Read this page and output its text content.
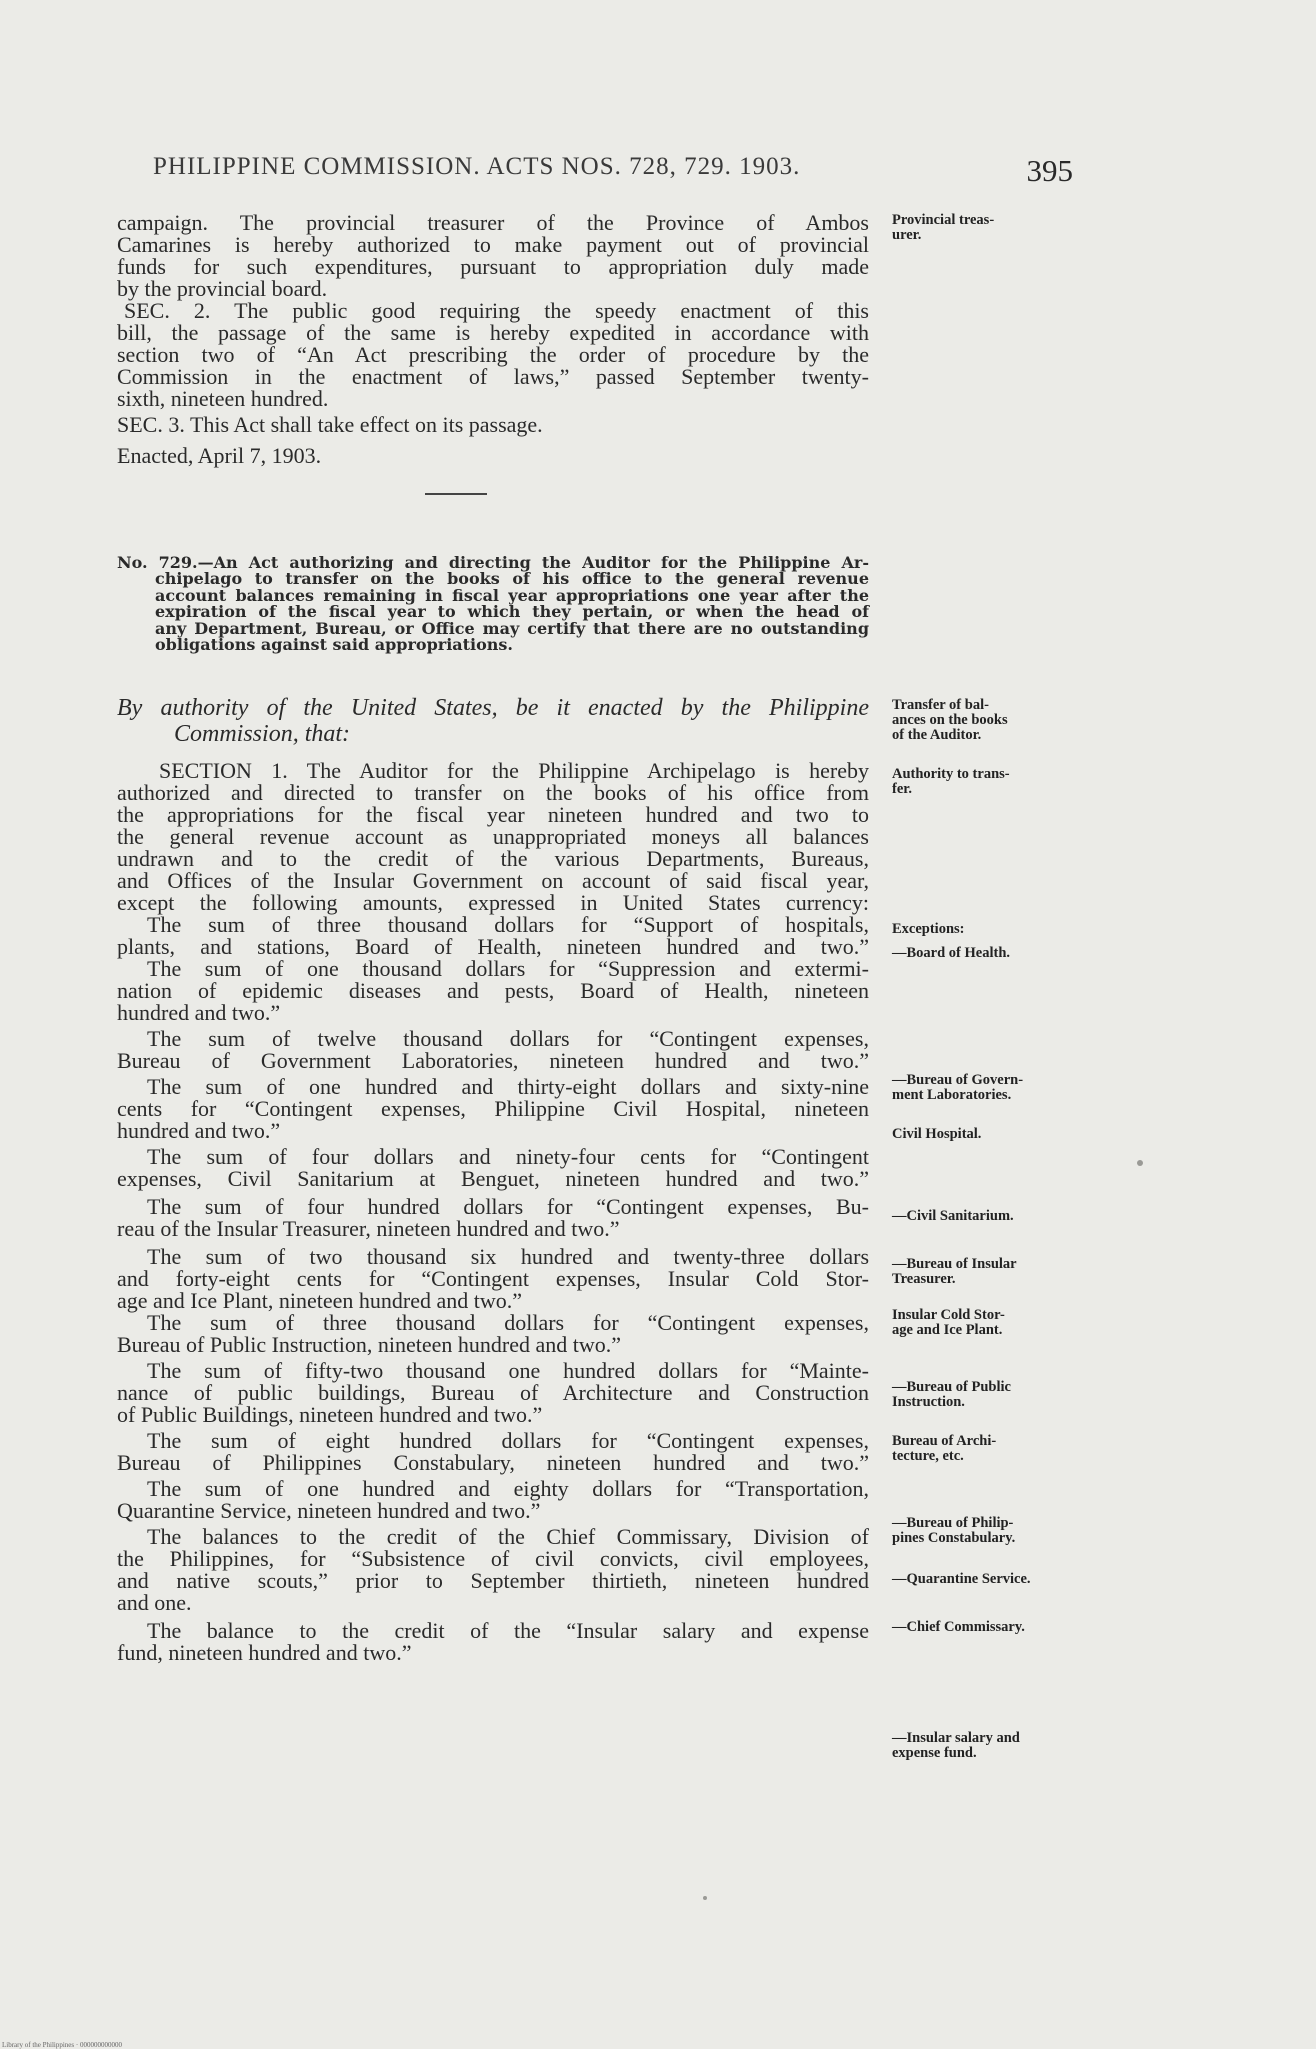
PHILIPPINE COMMISSION. ACTS NOS. 728, 729. 1903.	395

campaign. The provincial treasurer of the Province of Ambos

Camarines is hereby authorized to make payment out of provincial

funds for such expenditures, pursuant to appropriation duly made

by the provincial board.

SEC. 2. The public good requiring the speedy enactment of this

bill, the passage of the same is hereby expedited in accordance with

section two of “An Act prescribing the order of procedure by the

Commission in the enactment of laws,” passed September twenty-

sixth, nineteen hundred.

SEC. 3. This Act shall take effect on its passage.

Enacted, April 7, 1903.

Provincial treas-
urer.
No. 729.—An Act authorizing and directing the Auditor for the Philippine Ar-
chipelago to transfer on the books of his office to the general revenue
account balances remaining in fiscal year appropriations one year after the
expiration of the fiscal year to which they pertain, or when the head of
any Department, Bureau, or Office may certify that there are no outstanding
obligations against said appropriations.
By authority of the United States, be it enacted by the Philippine
Commission, that:
Transfer of bal-
ances on the books
of the Auditor.

SECTION 1. The Auditor for the Philippine Archipelago is hereby

authorized and directed to transfer on the books of his office from

the appropriations for the fiscal year nineteen hundred and two to

the general revenue account as unappropriated moneys all balances

undrawn and to the credit of the various Departments, Bureaus,

and Offices of the Insular Government on account of said fiscal year,

except the following amounts, expressed in United States currency:

The sum of three thousand dollars for “Support of hospitals,

plants, and stations, Board of Health, nineteen hundred and two.”

The sum of one thousand dollars for “Suppression and extermi-

nation of epidemic diseases and pests, Board of Health, nineteen

hundred and two.”

The sum of twelve thousand dollars for “Contingent expenses,

Bureau of Government Laboratories, nineteen hundred and two.”

The sum of one hundred and thirty-eight dollars and sixty-nine

cents for “Contingent expenses, Philippine Civil Hospital, nineteen

hundred and two.”

The sum of four dollars and ninety-four cents for “Contingent

expenses, Civil Sanitarium at Benguet, nineteen hundred and two.”

The sum of four hundred dollars for “Contingent expenses, Bu-

reau of the Insular Treasurer, nineteen hundred and two.”

The sum of two thousand six hundred and twenty-three dollars

and forty-eight cents for “Contingent expenses, Insular Cold Stor-

age and Ice Plant, nineteen hundred and two.”

The sum of three thousand dollars for “Contingent expenses,

Bureau of Public Instruction, nineteen hundred and two.”

The sum of fifty-two thousand one hundred dollars for “Mainte-

nance of public buildings, Bureau of Architecture and Construction

of Public Buildings, nineteen hundred and two.”

The sum of eight hundred dollars for “Contingent expenses,

Bureau of Philippines Constabulary, nineteen hundred and two.”

The sum of one hundred and eighty dollars for “Transportation,

Quarantine Service, nineteen hundred and two.”

The balances to the credit of the Chief Commissary, Division of

the Philippines, for “Subsistence of civil convicts, civil employees,

and native scouts,” prior to September thirtieth, nineteen hundred

and one.

The balance to the credit of the “Insular salary and expense

fund, nineteen hundred and two.”

Authority to trans-
fer.
Exceptions:
—Board of Health.
—Bureau of Govern-
ment Laboratories.
Civil Hospital.
—Civil Sanitarium.
—Bureau of Insular
Treasurer.
Insular Cold Stor-
age and Ice Plant.
—Bureau of Public
Instruction.
Bureau of Archi-
tecture, etc.
—Bureau of Philip-
pines Constabulary.
—Quarantine Service.
—Chief Commissary.
—Insular salary and
expense fund.
Library of the Philippines · 000000000000
